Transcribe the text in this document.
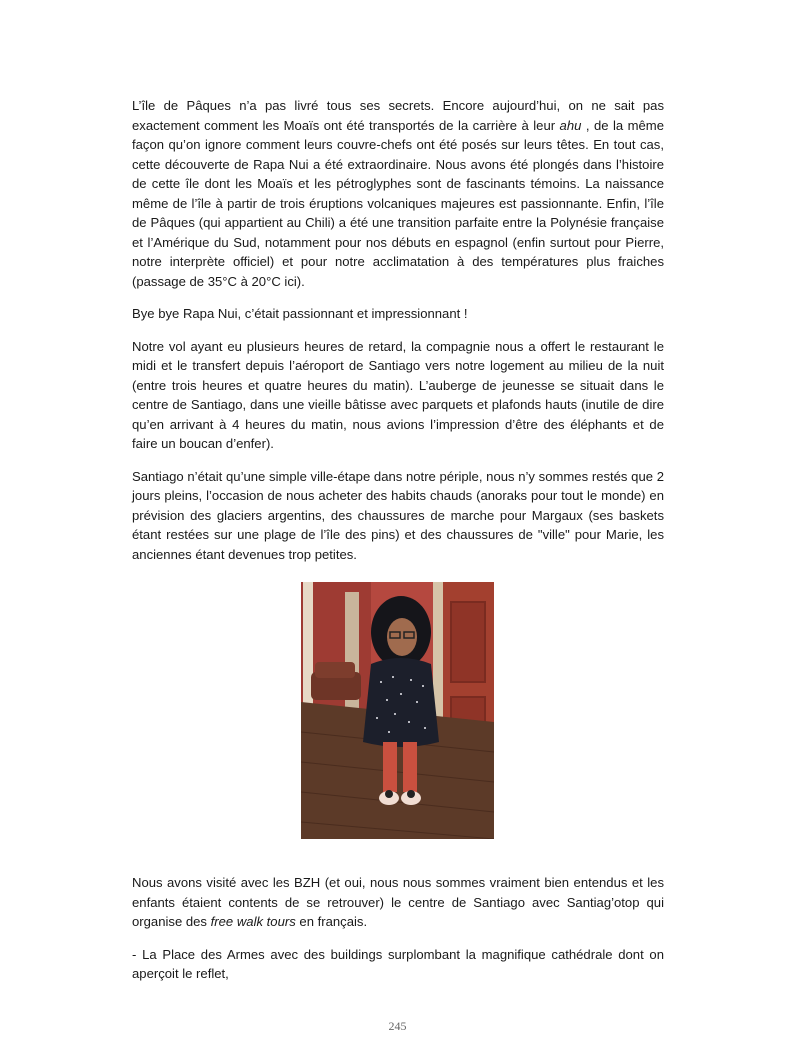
L’île de Pâques n’a pas livré tous ses secrets. Encore aujourd’hui, on ne sait pas exactement comment les Moaïs ont été transportés de la carrière à leur ahu , de la même façon qu’on ignore comment leurs couvre-chefs ont été posés sur leurs têtes. En tout cas, cette découverte de Rapa Nui a été extraordinaire. Nous avons été plongés dans l’histoire de cette île dont les Moaïs et les pétroglyphes sont de fascinants témoins. La naissance même de l’île à partir de trois éruptions volcaniques majeures est passionnante. Enfin, l’île de Pâques (qui appartient au Chili) a été une transition parfaite entre la Polynésie française et l’Amérique du Sud, notamment pour nos débuts en espagnol (enfin surtout pour Pierre, notre interprète officiel) et pour notre acclimatation à des températures plus fraiches (passage de 35°C à 20°C ici).

Bye bye Rapa Nui, c’était passionnant et impressionnant !

Notre vol ayant eu plusieurs heures de retard, la compagnie nous a offert le restaurant le midi et le transfert depuis l’aéroport de Santiago vers notre logement au milieu de la nuit (entre trois heures et quatre heures du matin). L’auberge de jeunesse se situait dans le centre de Santiago, dans une vieille bâtisse avec parquets et plafonds hauts (inutile de dire qu’en arrivant à 4 heures du matin, nous avions l’impression d’être des éléphants et de faire un boucan d’enfer).

Santiago n’était qu’une simple ville-étape dans notre périple, nous n’y sommes restés que 2 jours pleins, l’occasion de nous acheter des habits chauds (anoraks pour tout le monde) en prévision des glaciers argentins, des chaussures de marche pour Margaux (ses baskets étant restées sur une plage de l’île des pins) et des chaussures de "ville" pour Marie, les anciennes étant devenues trop petites.

Nous avons visité avec les BZH (et oui, nous nous sommes vraiment bien entendus et les enfants étaient contents de se retrouver) le centre de Santiago avec Santiag’otop qui organise des free walk tours en français.

- La Place des Armes avec des buildings surplombant la magnifique cathédrale dont on aperçoit le reflet,

245
